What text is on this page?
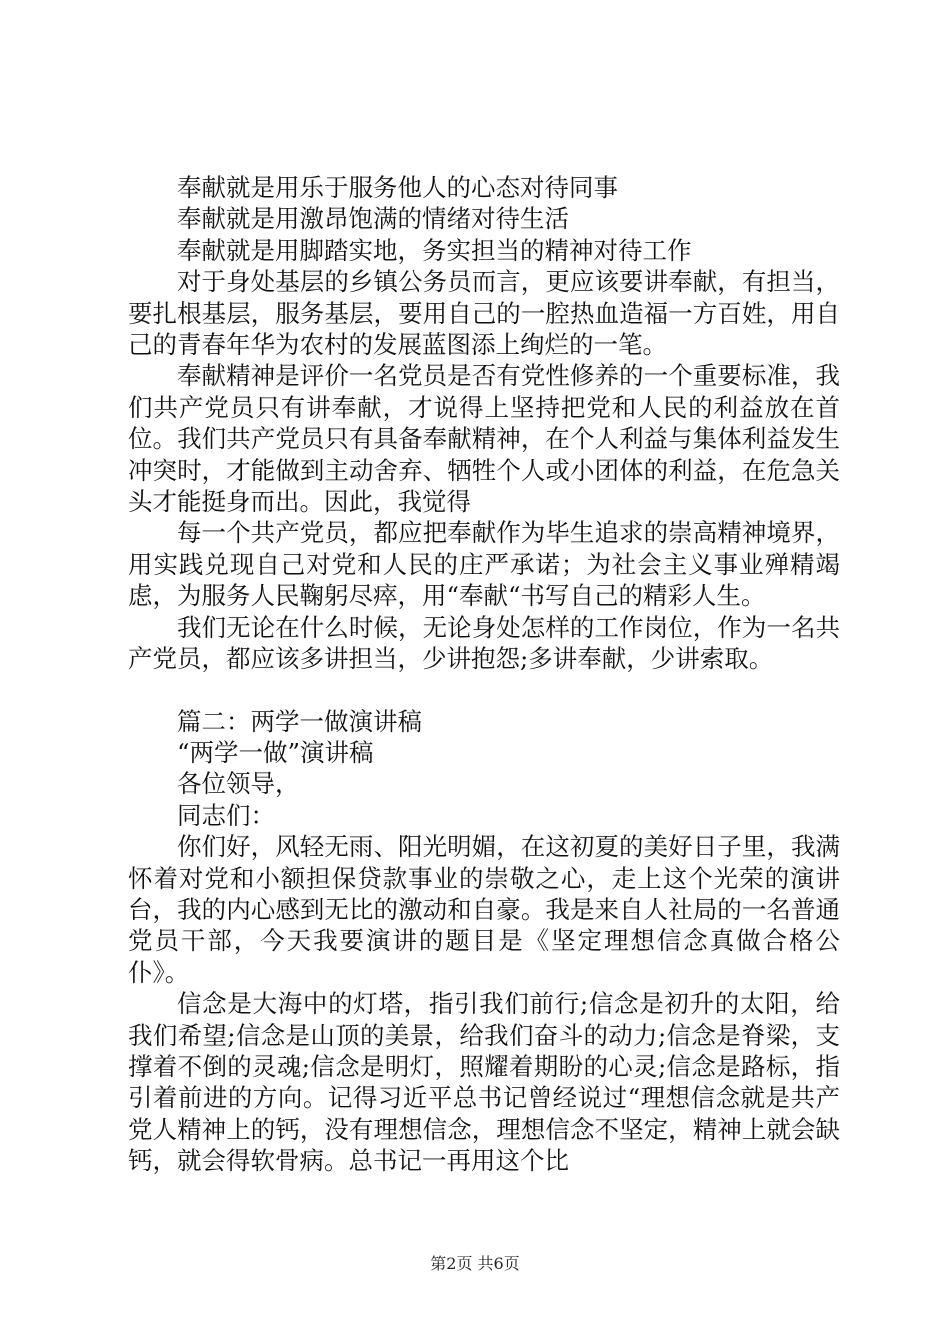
奉献就是用乐于服务他人的心态对待同事

奉献就是用激昂饱满的情绪对待生活

奉献就是用脚踏实地，务实担当的精神对待工作

对于身处基层的乡镇公务员而言，更应该要讲奉献，有担当，要扎根基层，服务基层，要用自己的一腔热血造福一方百姓，用自己的青春年华为农村的发展蓝图添上绚烂的一笔。

奉献精神是评价一名党员是否有党性修养的一个重要标准，我们共产党员只有讲奉献，才说得上坚持把党和人民的利益放在首位。我们共产党员只有具备奉献精神，在个人利益与集体利益发生冲突时，才能做到主动舍弃、牺牲个人或小团体的利益，在危急关头才能挺身而出。因此，我觉得

每一个共产党员，都应把奉献作为毕生追求的崇高精神境界，用实践兑现自己对党和人民的庄严承诺；为社会主义事业殚精竭虑，为服务人民鞠躬尽瘁，用“奉献“书写自己的精彩人生。

我们无论在什么时候，无论身处怎样的工作岗位，作为一名共产党员，都应该多讲担当，少讲抱怨;多讲奉献，少讲索取。

篇二：两学一做演讲稿

“两学一做”演讲稿

各位领导，

同志们：

你们好，风轻无雨、阳光明媚，在这初夏的美好日子里，我满怀着对党和小额担保贷款事业的崇敬之心，走上这个光荣的演讲台，我的内心感到无比的激动和自豪。我是来自人社局的一名普通党员干部，今天我要演讲的题目是《坚定理想信念真做合格公仆》。

信念是大海中的灯塔，指引我们前行;信念是初升的太阳，给我们希望;信念是山顶的美景，给我们奋斗的动力;信念是脊梁，支撑着不倒的灵魂;信念是明灯，照耀着期盼的心灵;信念是路标，指引着前进的方向。记得习近平总书记曾经说过“理想信念就是共产党人精神上的钙，没有理想信念，理想信念不坚定，精神上就会缺钙，就会得软骨病。总书记一再用这个比

第2页 共6页
